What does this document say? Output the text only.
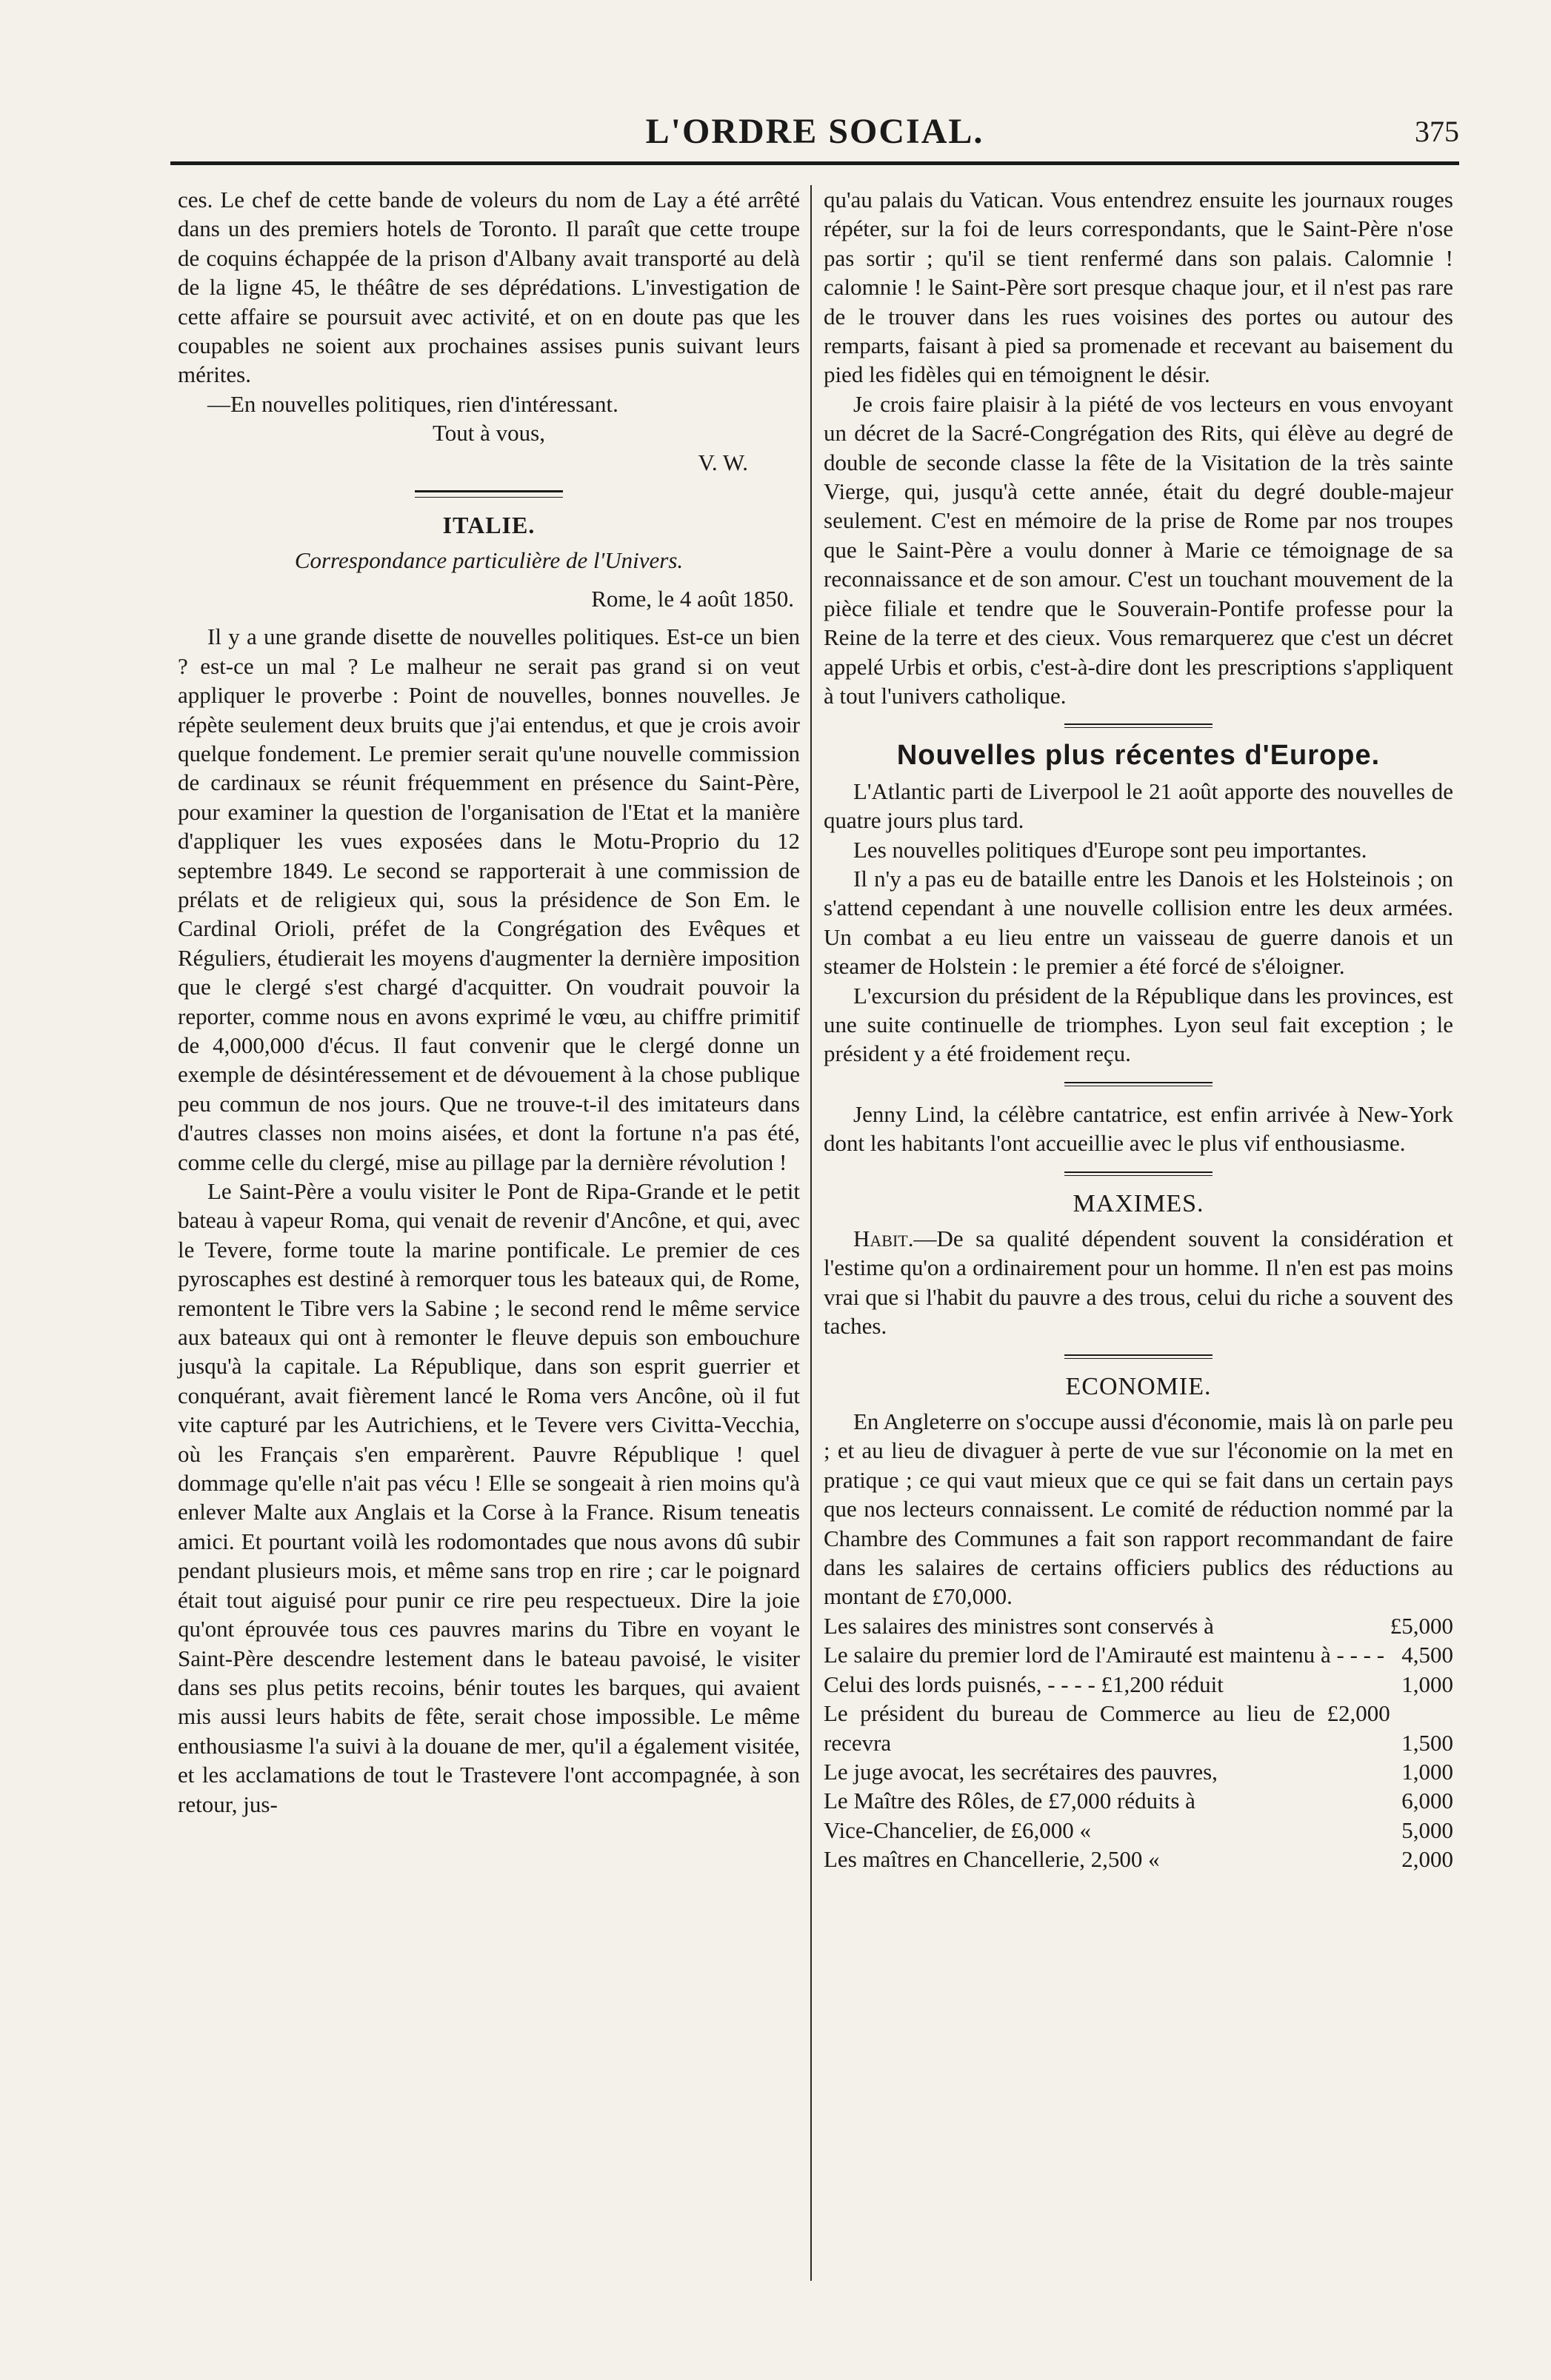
L'ORDRE SOCIAL.	375

ces. Le chef de cette bande de voleurs du nom de Lay a été arrêté dans un des premiers hotels de Toronto. Il paraît que cette troupe de coquins échappée de la prison d'Albany avait transporté au delà de la ligne 45, le théâtre de ses déprédations. L'investigation de cette affaire se poursuit avec activité, et on en doute pas que les coupables ne soient aux prochaines assises punis suivant leurs mérites.

—En nouvelles politiques, rien d'intéressant.

Tout à vous,

V. W.
ITALIE.
Correspondance particulière de l'Univers.
Rome, le 4 août 1850.

Il y a une grande disette de nouvelles politiques. Est-ce un bien ? est-ce un mal ? Le malheur ne serait pas grand si on veut appliquer le proverbe : Point de nouvelles, bonnes nouvelles. Je répète seulement deux bruits que j'ai entendus, et que je crois avoir quelque fondement. Le premier serait qu'une nouvelle commission de cardinaux se réunit fréquemment en présence du Saint-Père, pour examiner la question de l'organisation de l'Etat et la manière d'appliquer les vues exposées dans le Motu-Proprio du 12 septembre 1849. Le second se rapporterait à une commission de prélats et de religieux qui, sous la présidence de Son Em. le Cardinal Orioli, préfet de la Congrégation des Evêques et Réguliers, étudierait les moyens d'augmenter la dernière imposition que le clergé s'est chargé d'acquitter. On voudrait pouvoir la reporter, comme nous en avons exprimé le vœu, au chiffre primitif de 4,000,000 d'écus. Il faut convenir que le clergé donne un exemple de désintéressement et de dévouement à la chose publique peu commun de nos jours. Que ne trouve-t-il des imitateurs dans d'autres classes non moins aisées, et dont la fortune n'a pas été, comme celle du clergé, mise au pillage par la dernière révolution !

Le Saint-Père a voulu visiter le Pont de Ripa-Grande et le petit bateau à vapeur Roma, qui venait de revenir d'Ancône, et qui, avec le Tevere, forme toute la marine pontificale. Le premier de ces pyroscaphes est destiné à remorquer tous les bateaux qui, de Rome, remontent le Tibre vers la Sabine ; le second rend le même service aux bateaux qui ont à remonter le fleuve depuis son embouchure jusqu'à la capitale. La République, dans son esprit guerrier et conquérant, avait fièrement lancé le Roma vers Ancône, où il fut vite capturé par les Autrichiens, et le Tevere vers Civitta-Vecchia, où les Français s'en emparèrent. Pauvre République ! quel dommage qu'elle n'ait pas vécu ! Elle se songeait à rien moins qu'à enlever Malte aux Anglais et la Corse à la France. Risum teneatis amici. Et pourtant voilà les rodomontades que nous avons dû subir pendant plusieurs mois, et même sans trop en rire ; car le poignard était tout aiguisé pour punir ce rire peu respectueux. Dire la joie qu'ont éprouvée tous ces pauvres marins du Tibre en voyant le Saint-Père descendre lestement dans le bateau pavoisé, le visiter dans ses plus petits recoins, bénir toutes les barques, qui avaient mis aussi leurs habits de fête, serait chose impossible. Le même enthousiasme l'a suivi à la douane de mer, qu'il a également visitée, et les acclamations de tout le Trastevere l'ont accompagnée, à son retour, jus-

qu'au palais du Vatican. Vous entendrez ensuite les journaux rouges répéter, sur la foi de leurs correspondants, que le Saint-Père n'ose pas sortir ; qu'il se tient renfermé dans son palais. Calomnie ! calomnie ! le Saint-Père sort presque chaque jour, et il n'est pas rare de le trouver dans les rues voisines des portes ou autour des remparts, faisant à pied sa promenade et recevant au baisement du pied les fidèles qui en témoignent le désir.

Je crois faire plaisir à la piété de vos lecteurs en vous envoyant un décret de la Sacré-Congrégation des Rits, qui élève au degré de double de seconde classe la fête de la Visitation de la très sainte Vierge, qui, jusqu'à cette année, était du degré double-majeur seulement. C'est en mémoire de la prise de Rome par nos troupes que le Saint-Père a voulu donner à Marie ce témoignage de sa reconnaissance et de son amour. C'est un touchant mouvement de la pièce filiale et tendre que le Souverain-Pontife professe pour la Reine de la terre et des cieux. Vous remarquerez que c'est un décret appelé Urbis et orbis, c'est-à-dire dont les prescriptions s'appliquent à tout l'univers catholique.

Nouvelles plus récentes d'Europe.

L'Atlantic parti de Liverpool le 21 août apporte des nouvelles de quatre jours plus tard.

Les nouvelles politiques d'Europe sont peu importantes.

Il n'y a pas eu de bataille entre les Danois et les Holsteinois ; on s'attend cependant à une nouvelle collision entre les deux armées. Un combat a eu lieu entre un vaisseau de guerre danois et un steamer de Holstein : le premier a été forcé de s'éloigner.

L'excursion du président de la République dans les provinces, est une suite continuelle de triomphes. Lyon seul fait exception ; le président y a été froidement reçu.

Jenny Lind, la célèbre cantatrice, est enfin arrivée à New-York dont les habitants l'ont accueillie avec le plus vif enthousiasme.

MAXIMES.

Habit.—De sa qualité dépendent souvent la considération et l'estime qu'on a ordinairement pour un homme. Il n'en est pas moins vrai que si l'habit du pauvre a des trous, celui du riche a souvent des taches.

ECONOMIE.

En Angleterre on s'occupe aussi d'économie, mais là on parle peu ; et au lieu de divaguer à perte de vue sur l'économie on la met en pratique ; ce qui vaut mieux que ce qui se fait dans un certain pays que nos lecteurs connaissent. Le comité de réduction nommé par la Chambre des Communes a fait son rapport recommandant de faire dans les salaires de certains officiers publics des réductions au montant de £70,000.

Les salaires des ministres sont conservés à	£5,000
Le salaire du premier lord de l'Amirauté est maintenu à - - - -	4,500
Celui des lords puisnés, - - - - £1,200 réduit	1,000
Le président du bureau de Commerce au lieu de £2,000 recevra	1,500
Le juge avocat, les secrétaires des pauvres,	1,000
Le Maître des Rôles, de £7,000 réduits à	6,000
Vice-Chancelier, de £6,000 «	5,000
Les maîtres en Chancellerie, 2,500 «	2,000
